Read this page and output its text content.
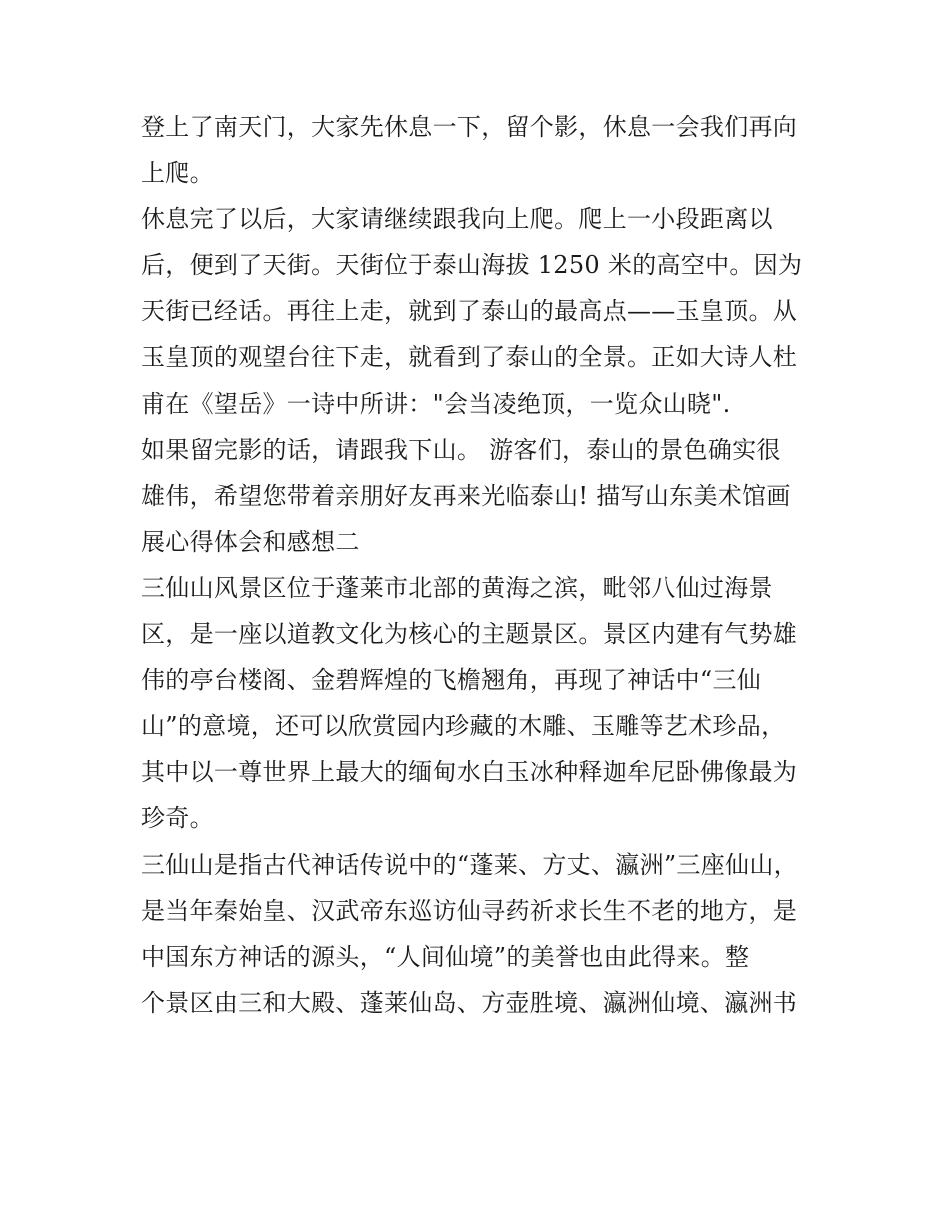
登上了南天门，大家先休息一下，留个影，休息一会我们再向
上爬。
休息完了以后，大家请继续跟我向上爬。爬上一小段距离以
后，便到了天街。天街位于泰山海拔 1250 米的高空中。因为
天街已经话。再往上走，就到了泰山的最高点——玉皇顶。从
玉皇顶的观望台往下走，就看到了泰山的全景。正如大诗人杜
甫在《望岳》一诗中所讲："会当凌绝顶，一览众山晓".
如果留完影的话，请跟我下山。 游客们，泰山的景色确实很
雄伟，希望您带着亲朋好友再来光临泰山! 描写山东美术馆画
展心得体会和感想二
三仙山风景区位于蓬莱市北部的黄海之滨，毗邻八仙过海景
区，是一座以道教文化为核心的主题景区。景区内建有气势雄
伟的亭台楼阁、金碧辉煌的飞檐翘角，再现了神话中“三仙
山”的意境，还可以欣赏园内珍藏的木雕、玉雕等艺术珍品，
其中以一尊世界上最大的缅甸水白玉冰种释迦牟尼卧佛像最为
珍奇。
三仙山是指古代神话传说中的“蓬莱、方丈、瀛洲”三座仙山，
是当年秦始皇、汉武帝东巡访仙寻药祈求长生不老的地方，是
中国东方神话的源头，“人间仙境”的美誉也由此得来。整
个景区由三和大殿、蓬莱仙岛、方壶胜境、瀛洲仙境、瀛洲书
